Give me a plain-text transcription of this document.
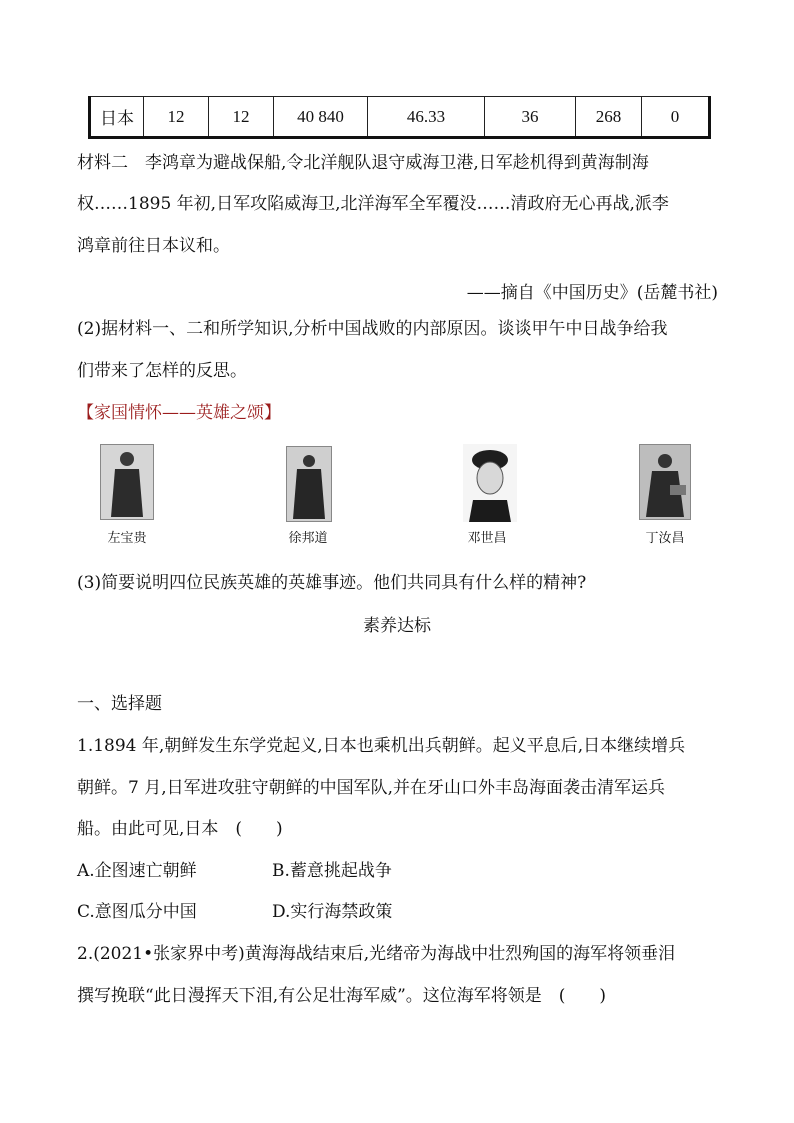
日本	12	12	40 840	46.33	36	268	0
材料二　李鸿章为避战保船,令北洋舰队退守威海卫港,日军趁机得到黄海制海
权……1895 年初,日军攻陷威海卫,北洋海军全军覆没……清政府无心再战,派李
鸿章前往日本议和。
——摘自《中国历史》(岳麓书社)
(2)据材料一、二和所学知识,分析中国战败的内部原因。谈谈甲午中日战争给我
们带来了怎样的反思。
【家国情怀——英雄之颂】
左宝贵	徐邦道	邓世昌	丁汝昌
(3)简要说明四位民族英雄的英雄事迹。他们共同具有什么样的精神?
素养达标
一、选择题
1.1894 年,朝鲜发生东学党起义,日本也乘机出兵朝鲜。起义平息后,日本继续增兵
朝鲜。7 月,日军进攻驻守朝鲜的中国军队,并在牙山口外丰岛海面袭击清军运兵
船。由此可见,日本　(　　)
A.企图速亡朝鲜	B.蓄意挑起战争
C.意图瓜分中国	D.实行海禁政策
2.(2021•张家界中考)黄海海战结束后,光绪帝为海战中壮烈殉国的海军将领垂泪
撰写挽联“此日漫挥天下泪,有公足壮海军威”。这位海军将领是　(　　)
